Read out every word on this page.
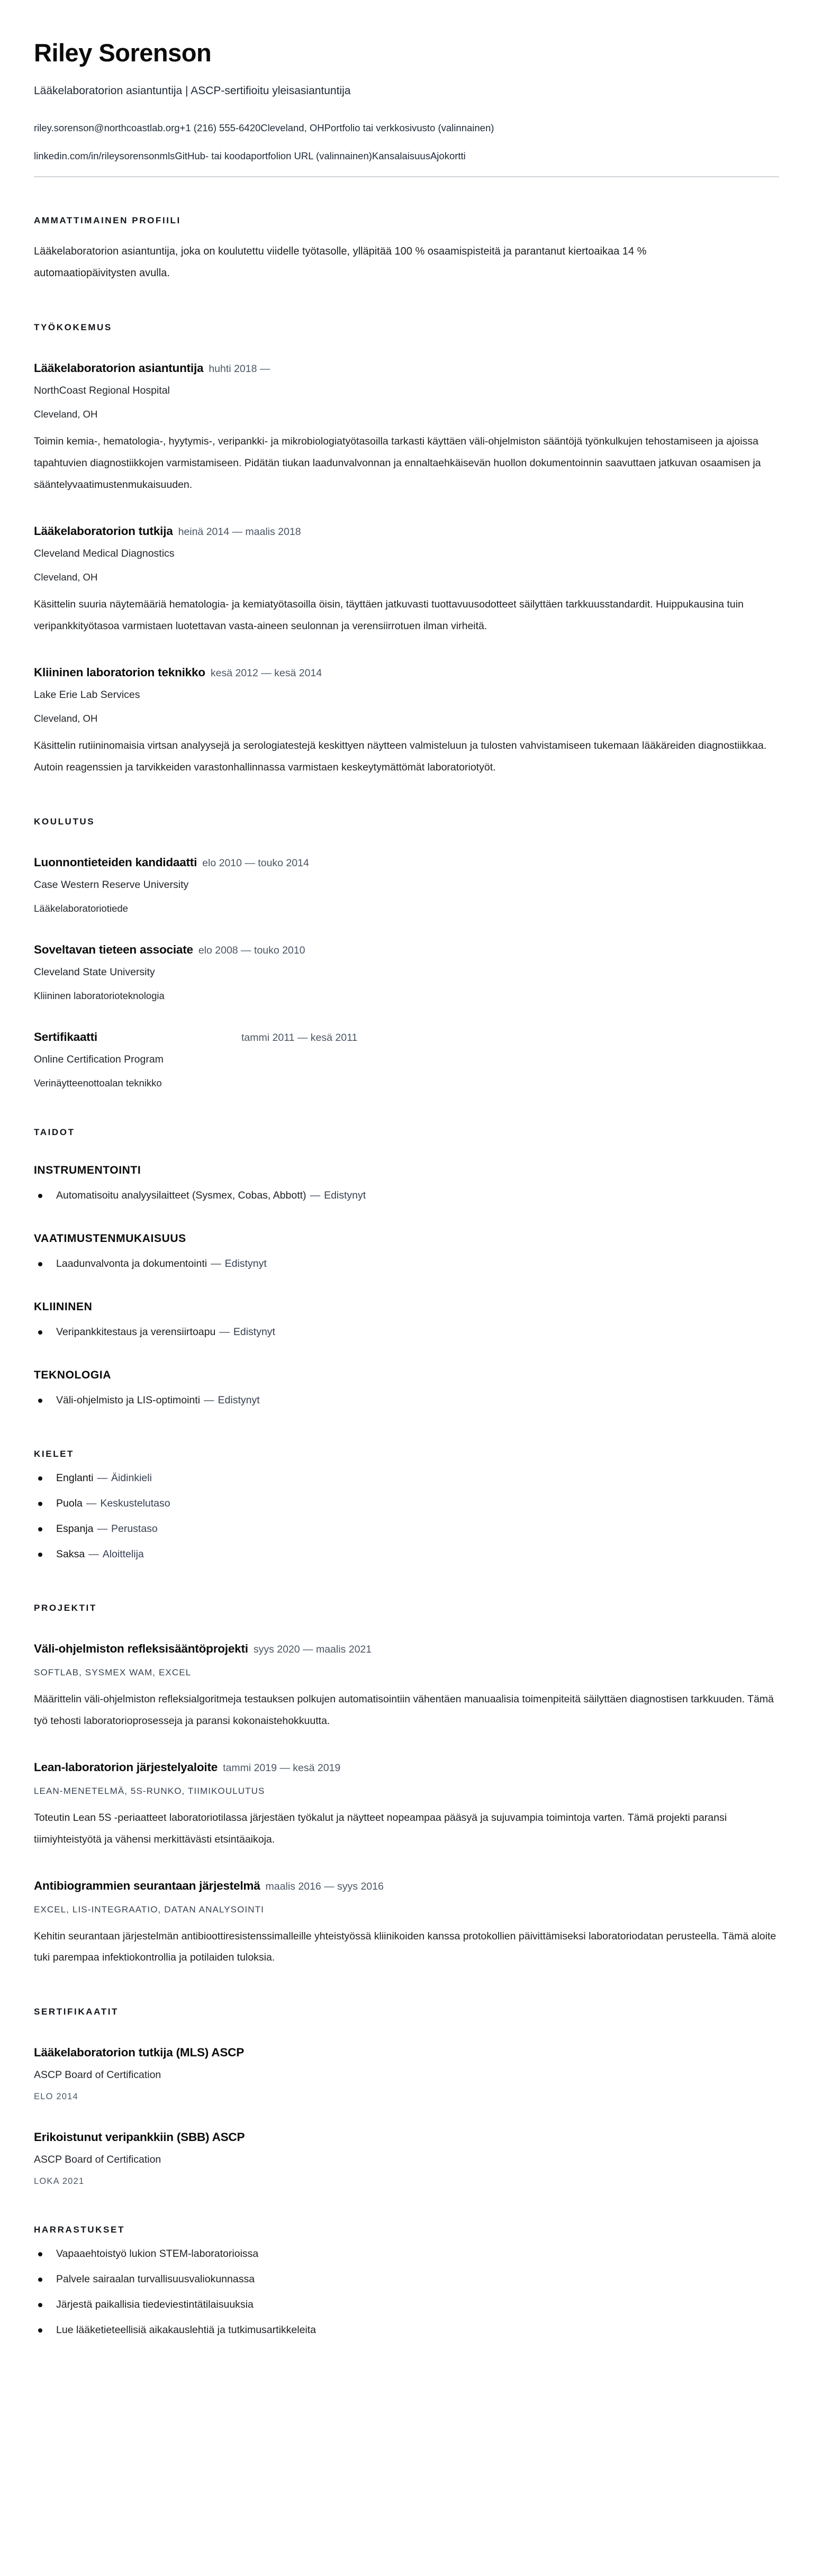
Riley Sorenson

Lääkelaboratorion asiantuntija | ASCP-sertifioitu yleisasiantuntija

riley.sorenson@northcoastlab.org+1 (216) 555-6420Cleveland, OHPortfolio tai verkkosivusto (valinnainen)

linkedin.com/in/rileysorensonmlsGitHub- tai koodaportfolion URL (valinnainen)KansalaisuusAjokortti

AMMATTIMAINEN PROFIILI

Lääkelaboratorion asiantuntija, joka on koulutettu viidelle työtasolle, ylläpitää 100 % osaamispisteitä ja parantanut kiertoaikaa 14 % automaatiopäivitysten avulla.

TYÖKOKEMUS
Lääkelaboratorion asiantuntija huhti 2018 —
NorthCoast Regional Hospital
Cleveland, OH

Toimin kemia-, hematologia-, hyytymis-, veripankki- ja mikrobiologiatyötasoilla tarkasti käyttäen väli-ohjelmiston sääntöjä työnkulkujen tehostamiseen ja ajoissa tapahtuvien diagnostiikkojen varmistamiseen. Pidätän tiukan laadunvalvonnan ja ennaltaehkäisevän huollon dokumentoinnin saavuttaen jatkuvan osaamisen ja sääntelyvaatimustenmukaisuuden.

Lääkelaboratorion tutkija heinä 2014 — maalis 2018
Cleveland Medical Diagnostics
Cleveland, OH

Käsittelin suuria näytemääriä hematologia- ja kemiatyötasoilla öisin, täyttäen jatkuvasti tuottavuusodotteet säilyttäen tarkkuusstandardit. Huippukausina tuin veripankkityötasoa varmistaen luotettavan vasta-aineen seulonnan ja verensiirrotuen ilman virheitä.

Kliininen laboratorion teknikko kesä 2012 — kesä 2014
Lake Erie Lab Services
Cleveland, OH

Käsittelin rutiininomaisia virtsan analyysejä ja serologiatestejä keskittyen näytteen valmisteluun ja tulosten vahvistamiseen tukemaan lääkäreiden diagnostiikkaa. Autoin reagenssien ja tarvikkeiden varastonhallinnassa varmistaen keskeytymättömät laboratoriotyöt.

KOULUTUS
Luonnontieteiden kandidaatti elo 2010 — touko 2014
Case Western Reserve University
Lääkelaboratoriotiede
Soveltavan tieteen associate elo 2008 — touko 2010
Cleveland State University
Kliininen laboratorioteknologia
Sertifikaatti	tammi 2011 — kesä 2011
Online Certification Program
Verinäytteenottoalan teknikko
TAIDOT
INSTRUMENTOINTI
Automatisoitu analyysilaitteet (Sysmex, Cobas, Abbott) — Edistynyt
VAATIMUSTENMUKAISUUS
Laadunvalvonta ja dokumentointi — Edistynyt
KLIININEN
Veripankkitestaus ja verensiirtoapu — Edistynyt
TEKNOLOGIA
Väli-ohjelmisto ja LIS-optimointi — Edistynyt
KIELET
Englanti — Äidinkieli
Puola — Keskustelutaso
Espanja — Perustaso
Saksa — Aloittelija
PROJEKTIT
Väli-ohjelmiston refleksisääntöprojekti syys 2020 — maalis 2021
SOFTLAB, SYSMEX WAM, EXCEL

Määrittelin väli-ohjelmiston refleksialgoritmeja testauksen polkujen automatisointiin vähentäen manuaalisia toimenpiteitä säilyttäen diagnostisen tarkkuuden. Tämä työ tehosti laboratorioprosesseja ja paransi kokonaistehokkuutta.

Lean-laboratorion järjestelyaloite tammi 2019 — kesä 2019
LEAN-MENETELMÄ, 5S-RUNKO, TIIMIKOULUTUS

Toteutin Lean 5S -periaatteet laboratoriotilassa järjestäen työkalut ja näytteet nopeampaa pääsyä ja sujuvampia toimintoja varten. Tämä projekti paransi tiimiyhteistyötä ja vähensi merkittävästi etsintäaikoja.

Antibiogrammien seurantaan järjestelmä maalis 2016 — syys 2016
EXCEL, LIS-INTEGRAATIO, DATAN ANALYSOINTI

Kehitin seurantaan järjestelmän antibioottiresistenssimalleille yhteistyössä kliinikoiden kanssa protokollien päivittämiseksi laboratoriodatan perusteella. Tämä aloite tuki parempaa infektiokontrollia ja potilaiden tuloksia.

SERTIFIKAATIT
Lääkelaboratorion tutkija (MLS) ASCP
ASCP Board of Certification
ELO 2014
Erikoistunut veripankkiin (SBB) ASCP
ASCP Board of Certification
LOKA 2021
HARRASTUKSET
Vapaaehtoistyö lukion STEM-laboratorioissa
Palvele sairaalan turvallisuusvaliokunnassa
Järjestä paikallisia tiedeviestintätilaisuuksia
Lue lääketieteellisiä aikakauslehtiä ja tutkimusartikkeleita
